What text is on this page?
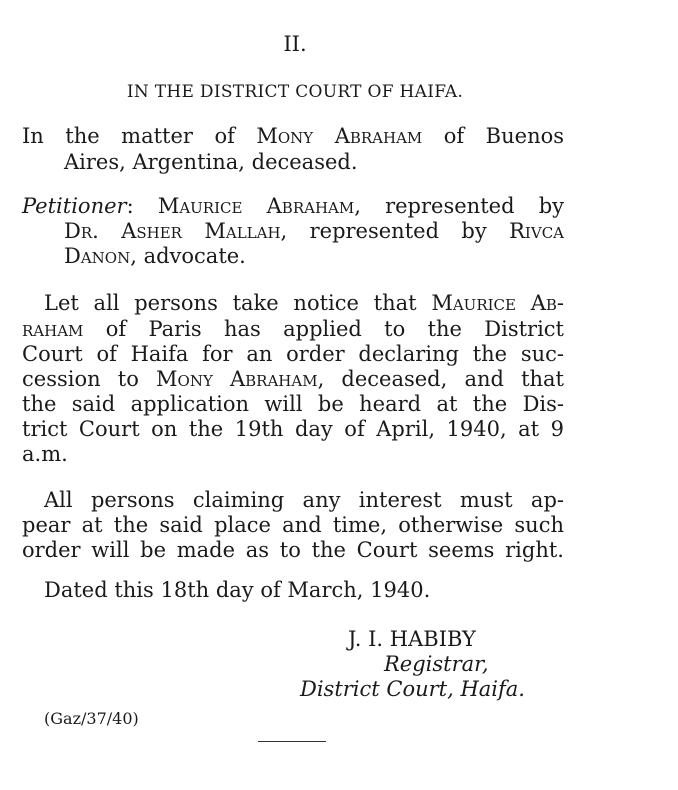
II.
IN THE DISTRICT COURT OF HAIFA.
In the matter of Mony Abraham of Buenos
Aires, Argentina, deceased.
Petitioner: Maurice Abraham, represented by
Dr. Asher Mallah, represented by Rivca
Danon, advocate.
Let all persons take notice that Maurice Ab-
raham of Paris has applied to the District
Court of Haifa for an order declaring the suc-
cession to Mony Abraham, deceased, and that
the said application will be heard at the Dis-
trict Court on the 19th day of April, 1940, at 9
a.m.
All persons claiming any interest must ap-
pear at the said place and time, otherwise such
order will be made as to the Court seems right.
Dated this 18th day of March, 1940.
J. I. HABIBY
Registrar,
District Court, Haifa.
(Gaz/37/40)
